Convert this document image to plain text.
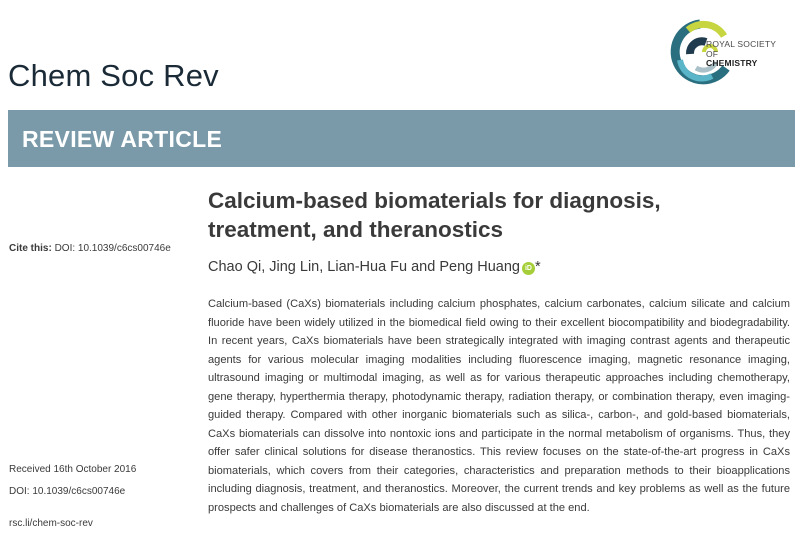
Chem Soc Rev
ROYAL SOCIETY
OF
CHEMISTRY
REVIEW ARTICLE
Calcium-based biomaterials for diagnosis, treatment, and theranostics
Cite this: DOI: 10.1039/c6cs00746e
Chao Qi, Jing Lin, Lian-Hua Fu and Peng Huang iD *
Calcium-based (CaXs) biomaterials including calcium phosphates, calcium carbonates, calcium silicate and calcium fluoride have been widely utilized in the biomedical field owing to their excellent biocompatibility and biodegradability. In recent years, CaXs biomaterials have been strategically integrated with imaging contrast agents and therapeutic agents for various molecular imaging modalities including fluorescence imaging, magnetic resonance imaging, ultrasound imaging or multimodal imaging, as well as for various therapeutic approaches including chemotherapy, gene therapy, hyperthermia therapy, photodynamic therapy, radiation therapy, or combination therapy, even imaging-guided therapy. Compared with other inorganic biomaterials such as silica-, carbon-, and gold-based biomaterials, CaXs biomaterials can dissolve into nontoxic ions and participate in the normal metabolism of organisms. Thus, they offer safer clinical solutions for disease theranostics. This review focuses on the state-of-the-art progress in CaXs biomaterials, which covers from their categories, characteristics and preparation methods to their bioapplications including diagnosis, treatment, and theranostics. Moreover, the current trends and key problems as well as the future prospects and challenges of CaXs biomaterials are also discussed at the end.
Received 16th October 2016
DOI: 10.1039/c6cs00746e
rsc.li/chem-soc-rev
